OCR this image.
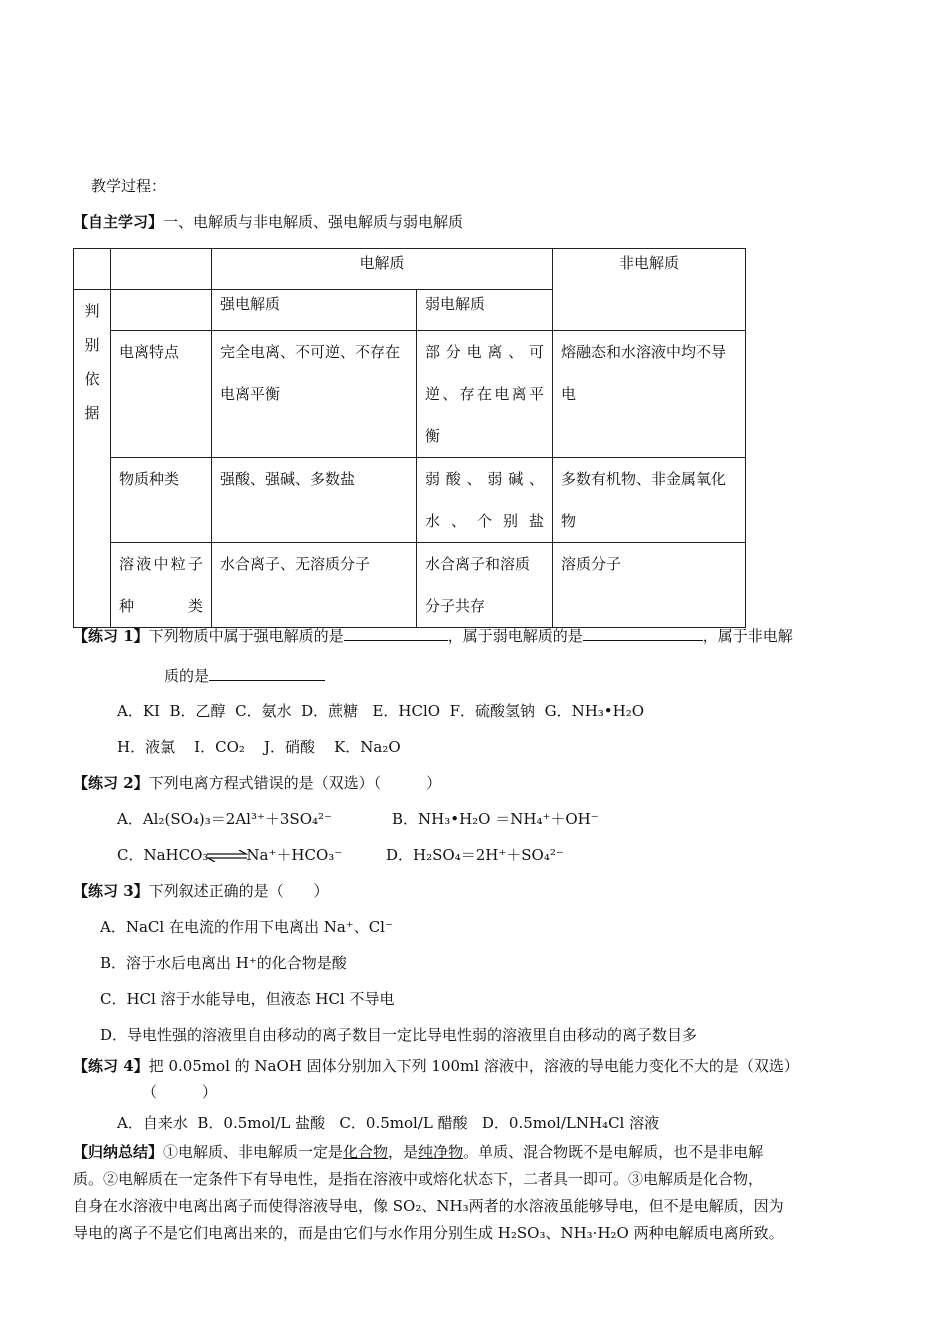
教学过程：
【自主学习】一、电解质与非电解质、强电解质与弱电解质
		电解质		非电解质

判
别
依
据		强电解质	弱电解质	

	电离特点	完全电离、不可逆、不存在电离平衡	部分电离、可逆、存在电离平衡	熔融态和水溶液中均不导电

	物质种类	强酸、强碱、多数盐	弱酸、弱碱、水、个别盐	多数有机物、非金属氧化物

	溶液中粒子种类	水合离子、无溶质分子	水合离子和溶质分子共存	溶质分子
【练习 1】下列物质中属于强电解质的是	，属于弱电解质的是	，属于非电解
质的是
A．KI B．乙醇 C．氨水 D．蔗糖 E．HClO F．硫酸氢钠 G．NH₃•H₂O
H．液氯 I．CO₂ J．硝酸 K．Na₂O
【练习 2】下列电离方程式错误的是（双选）（　　　）
A．Al₂(SO₄)₃＝2Al³⁺＋3SO₄²⁻	B．NH₃•H₂O ＝NH₄⁺＋OH⁻
C．NaHCO₃	Na⁺＋HCO₃⁻	D．H₂SO₄＝2H⁺＋SO₄²⁻
【练习 3】下列叙述正确的是（　　）
A．NaCl 在电流的作用下电离出 Na⁺、Cl⁻
B．溶于水后电离出 H⁺的化合物是酸
C．HCl 溶于水能导电，但液态 HCl 不导电
D．导电性强的溶液里自由移动的离子数目一定比导电性弱的溶液里自由移动的离子数目多
【练习 4】把 0.05mol 的 NaOH 固体分别加入下列 100ml 溶液中，溶液的导电能力变化不大的是（双选）
（　　　）
A．自来水 B．0.5mol/L 盐酸 C．0.5mol/L 醋酸 D．0.5mol/LNH₄Cl 溶液
【归纳总结】①电解质、非电解质一定是化合物，是纯净物。单质、混合物既不是电解质，也不是非电解
质。②电解质在一定条件下有导电性，是指在溶液中或熔化状态下，二者具一即可。③电解质是化合物，
自身在水溶液中电离出离子而使得溶液导电，像 SO₂、NH₃两者的水溶液虽能够导电，但不是电解质，因为
导电的离子不是它们电离出来的，而是由它们与水作用分别生成 H₂SO₃、NH₃·H₂O 两种电解质电离所致。
